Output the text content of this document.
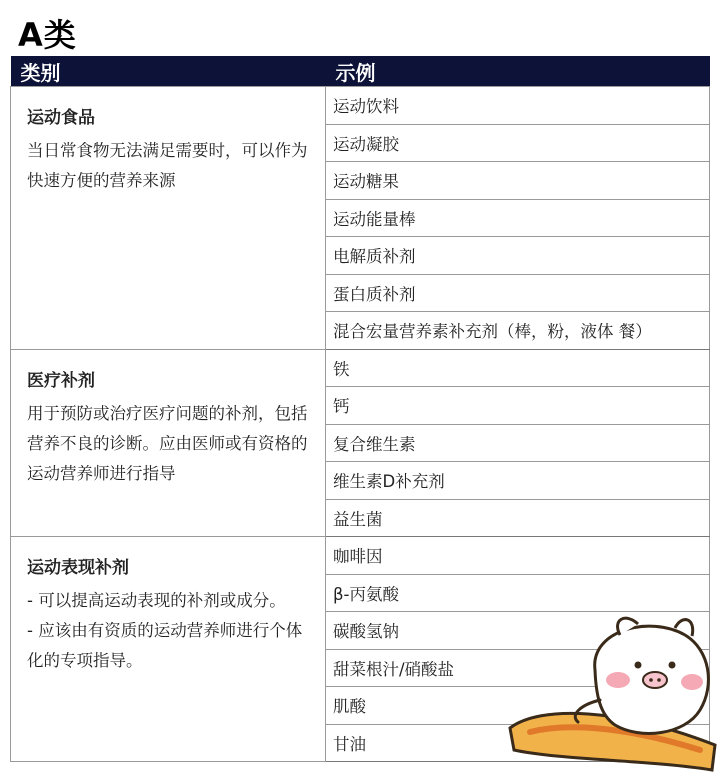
A类
类别	示例

运动食品
当日常食物无法满足需要时，可以作为快速方便的营养来源	运动饮料
	运动凝胶
	运动糖果
	运动能量棒
	电解质补剂
	蛋白质补剂
	混合宏量营养素补充剂（棒，粉，液体 餐）

医疗补剂
用于预防或治疗医疗问题的补剂，包括营养不良的诊断。应由医师或有资格的运动营养师进行指导	铁
	钙
	复合维生素
	维生素D补充剂
	益生菌

运动表现补剂
- 可以提高运动表现的补剂或成分。
- 应该由有资质的运动营养师进行个体化的专项指导。	咖啡因
	β-丙氨酸
	碳酸氢钠
	甜菜根汁/硝酸盐
	肌酸
	甘油
